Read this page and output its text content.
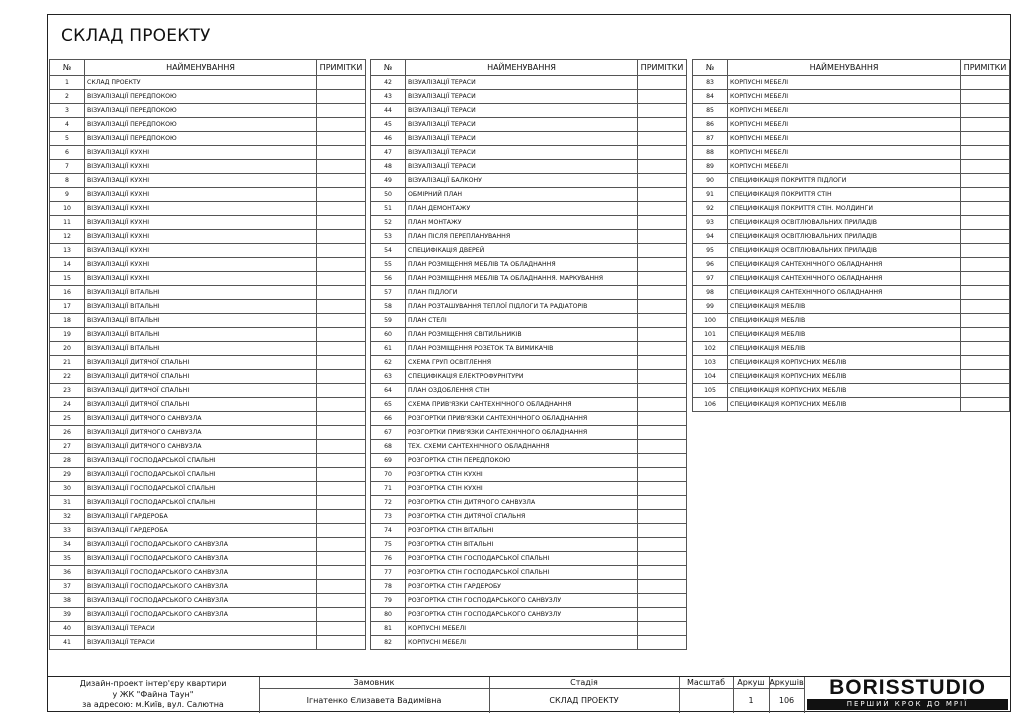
СКЛАД ПРОЕКТУ
№	НАЙМЕНУВАННЯ	ПРИМІТКИ
1	СКЛАД ПРОЕКТУ	
2	ВІЗУАЛІЗАЦІЇ ПЕРЕДПОКОЮ	
3	ВІЗУАЛІЗАЦІЇ ПЕРЕДПОКОЮ	
4	ВІЗУАЛІЗАЦІЇ ПЕРЕДПОКОЮ	
5	ВІЗУАЛІЗАЦІЇ ПЕРЕДПОКОЮ	
6	ВІЗУАЛІЗАЦІЇ КУХНІ	
7	ВІЗУАЛІЗАЦІЇ КУХНІ	
8	ВІЗУАЛІЗАЦІЇ КУХНІ	
9	ВІЗУАЛІЗАЦІЇ КУХНІ	
10	ВІЗУАЛІЗАЦІЇ КУХНІ	
11	ВІЗУАЛІЗАЦІЇ КУХНІ	
12	ВІЗУАЛІЗАЦІЇ КУХНІ	
13	ВІЗУАЛІЗАЦІЇ КУХНІ	
14	ВІЗУАЛІЗАЦІЇ КУХНІ	
15	ВІЗУАЛІЗАЦІЇ КУХНІ	
16	ВІЗУАЛІЗАЦІЇ ВІТАЛЬНІ	
17	ВІЗУАЛІЗАЦІЇ ВІТАЛЬНІ	
18	ВІЗУАЛІЗАЦІЇ ВІТАЛЬНІ	
19	ВІЗУАЛІЗАЦІЇ ВІТАЛЬНІ	
20	ВІЗУАЛІЗАЦІЇ ВІТАЛЬНІ	
21	ВІЗУАЛІЗАЦІЇ ДИТЯЧОЇ СПАЛЬНІ	
22	ВІЗУАЛІЗАЦІЇ ДИТЯЧОЇ СПАЛЬНІ	
23	ВІЗУАЛІЗАЦІЇ ДИТЯЧОЇ СПАЛЬНІ	
24	ВІЗУАЛІЗАЦІЇ ДИТЯЧОЇ СПАЛЬНІ	
25	ВІЗУАЛІЗАЦІЇ ДИТЯЧОГО САНВУЗЛА	
26	ВІЗУАЛІЗАЦІЇ ДИТЯЧОГО САНВУЗЛА	
27	ВІЗУАЛІЗАЦІЇ ДИТЯЧОГО САНВУЗЛА	
28	ВІЗУАЛІЗАЦІЇ ГОСПОДАРСЬКОЇ СПАЛЬНІ	
29	ВІЗУАЛІЗАЦІЇ ГОСПОДАРСЬКОЇ СПАЛЬНІ	
30	ВІЗУАЛІЗАЦІЇ ГОСПОДАРСЬКОЇ СПАЛЬНІ	
31	ВІЗУАЛІЗАЦІЇ ГОСПОДАРСЬКОЇ СПАЛЬНІ	
32	ВІЗУАЛІЗАЦІЇ ГАРДЕРОБА	
33	ВІЗУАЛІЗАЦІЇ ГАРДЕРОБА	
34	ВІЗУАЛІЗАЦІЇ ГОСПОДАРСЬКОГО САНВУЗЛА	
35	ВІЗУАЛІЗАЦІЇ ГОСПОДАРСЬКОГО САНВУЗЛА	
36	ВІЗУАЛІЗАЦІЇ ГОСПОДАРСЬКОГО САНВУЗЛА	
37	ВІЗУАЛІЗАЦІЇ ГОСПОДАРСЬКОГО САНВУЗЛА	
38	ВІЗУАЛІЗАЦІЇ ГОСПОДАРСЬКОГО САНВУЗЛА	
39	ВІЗУАЛІЗАЦІЇ ГОСПОДАРСЬКОГО САНВУЗЛА	
40	ВІЗУАЛІЗАЦІЇ ТЕРАСИ	
41	ВІЗУАЛІЗАЦІЇ ТЕРАСИ	
№	НАЙМЕНУВАННЯ	ПРИМІТКИ
42	ВІЗУАЛІЗАЦІЇ ТЕРАСИ	
43	ВІЗУАЛІЗАЦІЇ ТЕРАСИ	
44	ВІЗУАЛІЗАЦІЇ ТЕРАСИ	
45	ВІЗУАЛІЗАЦІЇ ТЕРАСИ	
46	ВІЗУАЛІЗАЦІЇ ТЕРАСИ	
47	ВІЗУАЛІЗАЦІЇ ТЕРАСИ	
48	ВІЗУАЛІЗАЦІЇ ТЕРАСИ	
49	ВІЗУАЛІЗАЦІЇ БАЛКОНУ	
50	ОБМІРНИЙ ПЛАН	
51	ПЛАН ДЕМОНТАЖУ	
52	ПЛАН МОНТАЖУ	
53	ПЛАН ПІСЛЯ ПЕРЕПЛАНУВАННЯ	
54	СПЕЦИФІКАЦІЯ ДВЕРЕЙ	
55	ПЛАН РОЗМІЩЕННЯ МЕБЛІВ ТА ОБЛАДНАННЯ	
56	ПЛАН РОЗМІЩЕННЯ МЕБЛІВ ТА ОБЛАДНАННЯ. МАРКУВАННЯ	
57	ПЛАН ПІДЛОГИ	
58	ПЛАН РОЗТАШУВАННЯ ТЕПЛОЇ ПІДЛОГИ ТА РАДІАТОРІВ	
59	ПЛАН СТЕЛІ	
60	ПЛАН РОЗМІЩЕННЯ СВІТИЛЬНИКІВ	
61	ПЛАН РОЗМІЩЕННЯ РОЗЕТОК ТА ВИМИКАЧІВ	
62	СХЕМА ГРУП ОСВІТЛЕННЯ	
63	СПЕЦИФІКАЦІЯ ЕЛЕКТРОФУРНІТУРИ	
64	ПЛАН ОЗДОБЛЕННЯ СТІН	
65	СХЕМА ПРИВ'ЯЗКИ САНТЕХНІЧНОГО ОБЛАДНАННЯ	
66	РОЗГОРТКИ ПРИВ'ЯЗКИ САНТЕХНІЧНОГО ОБЛАДНАННЯ	
67	РОЗГОРТКИ ПРИВ'ЯЗКИ САНТЕХНІЧНОГО ОБЛАДНАННЯ	
68	ТЕХ. СХЕМИ САНТЕХНІЧНОГО ОБЛАДНАННЯ	
69	РОЗГОРТКА СТІН ПЕРЕДПОКОЮ	
70	РОЗГОРТКА СТІН КУХНІ	
71	РОЗГОРТКА СТІН КУХНІ	
72	РОЗГОРТКА СТІН ДИТЯЧОГО САНВУЗЛА	
73	РОЗГОРТКА СТІН ДИТЯЧОЇ СПАЛЬНЯ	
74	РОЗГОРТКА СТІН ВІТАЛЬНІ	
75	РОЗГОРТКА СТІН ВІТАЛЬНІ	
76	РОЗГОРТКА СТІН ГОСПОДАРСЬКОЇ СПАЛЬНІ	
77	РОЗГОРТКА СТІН ГОСПОДАРСЬКОЇ СПАЛЬНІ	
78	РОЗГОРТКА СТІН ГАРДЕРОБУ	
79	РОЗГОРТКА СТІН ГОСПОДАРСЬКОГО САНВУЗЛУ	
80	РОЗГОРТКА СТІН ГОСПОДАРСЬКОГО САНВУЗЛУ	
81	КОРПУСНІ МЕБЕЛІ	
82	КОРПУСНІ МЕБЕЛІ	
№	НАЙМЕНУВАННЯ	ПРИМІТКИ
83	КОРПУСНІ МЕБЕЛІ	
84	КОРПУСНІ МЕБЕЛІ	
85	КОРПУСНІ МЕБЕЛІ	
86	КОРПУСНІ МЕБЕЛІ	
87	КОРПУСНІ МЕБЕЛІ	
88	КОРПУСНІ МЕБЕЛІ	
89	КОРПУСНІ МЕБЕЛІ	
90	СПЕЦИФІКАЦІЯ ПОКРИТТЯ ПІДЛОГИ	
91	СПЕЦИФІКАЦІЯ ПОКРИТТЯ СТІН	
92	СПЕЦИФІКАЦІЯ ПОКРИТТЯ СТІН. МОЛДИНГИ	
93	СПЕЦИФІКАЦІЯ ОСВІТЛЮВАЛЬНИХ ПРИЛАДІВ	
94	СПЕЦИФІКАЦІЯ ОСВІТЛЮВАЛЬНИХ ПРИЛАДІВ	
95	СПЕЦИФІКАЦІЯ ОСВІТЛЮВАЛЬНИХ ПРИЛАДІВ	
96	СПЕЦИФІКАЦІЯ САНТЕХНІЧНОГО ОБЛАДНАННЯ	
97	СПЕЦИФІКАЦІЯ САНТЕХНІЧНОГО ОБЛАДНАННЯ	
98	СПЕЦИФІКАЦІЯ САНТЕХНІЧНОГО ОБЛАДНАННЯ	
99	СПЕЦИФІКАЦІЯ МЕБЛІВ	
100	СПЕЦИФІКАЦІЯ МЕБЛІВ	
101	СПЕЦИФІКАЦІЯ МЕБЛІВ	
102	СПЕЦИФІКАЦІЯ МЕБЛІВ	
103	СПЕЦИФІКАЦІЯ КОРПУСНИХ МЕБЛІВ	
104	СПЕЦИФІКАЦІЯ КОРПУСНИХ МЕБЛІВ	
105	СПЕЦИФІКАЦІЯ КОРПУСНИХ МЕБЛІВ	
106	СПЕЦИФІКАЦІЯ КОРПУСНИХ МЕБЛІВ	
Дизайн-проект інтер'єру квартири
у ЖК "Файна Таун"
за адресою: м.Київ, вул. Салютна
Замовник
Ігнатенко Єлизавета Вадимівна
Стадія
СКЛАД ПРОЕКТУ
Масштаб	Аркуш
1
Аркушів
106
BORISSTUDIO
ПЕРШИЙ КРОК ДО МРІЇ
